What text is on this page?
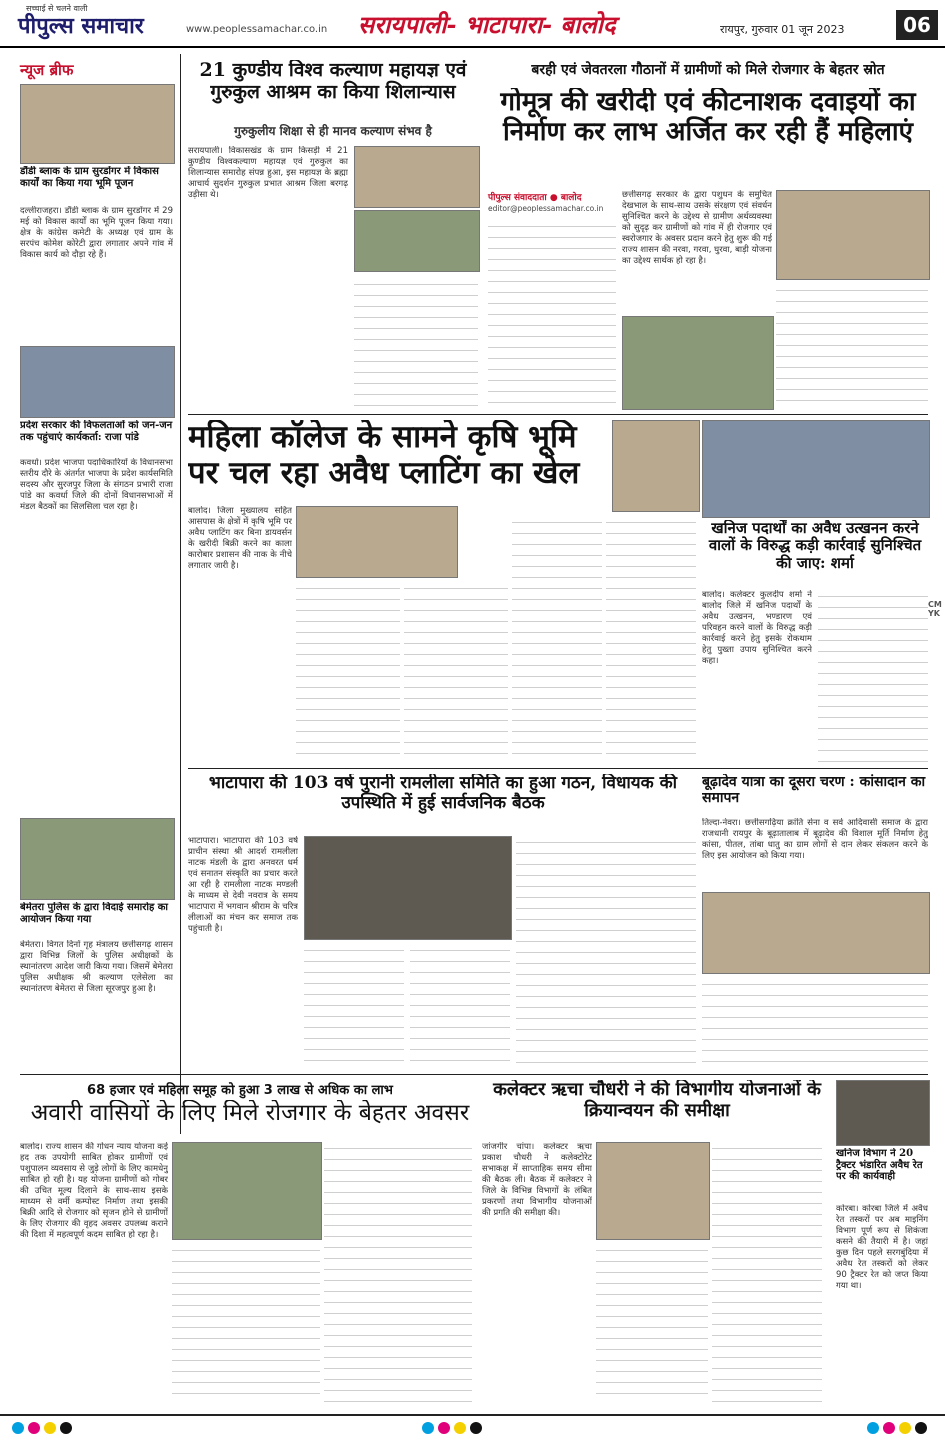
सच्चाई से चलने वाली
पीपुल्स समाचार	www.peoplessamachar.co.in सरायपाली- भाटापारा- बालोद	रायपुर, गुरुवार 01 जून 2023	06
न्यूज ब्रीफ
डौंडी ब्लाक के ग्राम सुरडोंगर में विकास कार्यों का किया गया भूमि पूजन
दल्लीराजहरा। डौंडी ब्लाक के ग्राम सुरडोंगर में 29 मई को विकास कार्यों का भूमि पूजन किया गया। क्षेत्र के कांग्रेस कमेटी के अध्यक्ष एवं ग्राम के सरपंच कोमेश कोरेटी द्वारा लगातार अपने गांव में विकास कार्य को दौड़ा रहे हैं।
प्रदेश सरकार की विफलताओं को जन-जन तक पहुंचाएं कार्यकर्ता: राजा पांडे
कवर्धा। प्रदेश भाजपा पदाधिकारियों के विधानसभा स्तरीय दौरे के अंतर्गत भाजपा के प्रदेश कार्यसमिति सदस्य और सुरजपुर जिला के संगठन प्रभारी राजा पांडे का कवर्धा जिले की दोनों विधानसभाओं में मंडल बैठकों का सिलसिला चल रहा है।
बेमेतरा पुलिस के द्वारा विदाई समारोह का आयोजन किया गया
बेमेतरा। विगत दिनों गृह मंत्रालय छत्तीसगढ़ शासन द्वारा विभिन्न जिलों के पुलिस अधीक्षकों के स्थानांतरण आदेश जारी किया गया। जिसमें बेमेतरा पुलिस अधीक्षक श्री कल्याण एलेसेला का स्थानांतरण बेमेतरा से जिला सूरजपुर हुआ है।
21 कुण्डीय विश्व कल्याण महायज्ञ एवं गुरुकुल आश्रम का किया शिलान्यास
गुरुकुलीय शिक्षा से ही मानव कल्याण संभव है
सरायपाली। विकासखंड के ग्राम किसड़ी में 21 कुण्डीय विश्वकल्याण महायज्ञ एवं गुरुकुल का शिलान्यास समारोह संपन्न हुआ, इस महायज्ञ के ब्रह्मा आचार्य सुदर्शन गुरुकुल प्रभात आश्रम जिला बरगढ़ उड़ीसा थे।
बरही एवं जेवतरला गौठानों में ग्रामीणों को मिले रोजगार के बेहतर स्रोत
गोमूत्र की खरीदी एवं कीटनाशक दवाइयों का निर्माण कर लाभ अर्जित कर रही हैं महिलाएं
पीपुल्स संवाददाता ● बालोद
editor@peoplessamachar.co.in
छत्तीसगढ़ सरकार के द्वारा पशुधन के समुचित देखभाल के साथ-साथ उसके संरक्षण एवं संवर्धन सुनिश्चित करने के उद्देश्य से ग्रामीण अर्थव्यवस्था को सुदृढ़ कर ग्रामीणों को गांव में ही रोजगार एवं स्वरोजगार के अवसर प्रदान करने हेतु शुरू की गई राज्य शासन की नरवा, गरवा, घुरवा, बाड़ी योजना का उद्देश्य सार्थक हो रहा है।
महिला कॉलेज के सामने कृषि भूमि पर चल रहा अवैध प्लाटिंग का खेल
बालोद। जिला मुख्यालय सहित आसपास के क्षेत्रों में कृषि भूमि पर अवैध प्लाटिंग कर बिना डायवर्सन के खरीदी बिक्री करने का काला कारोबार प्रशासन की नाक के नीचे लगातार जारी है।
खनिज पदार्थों का अवैध उत्खनन करने वालों के विरुद्ध कड़ी कार्रवाई सुनिश्चित की जाए: शर्मा
बालोद। कलेक्टर कुलदीप शर्मा ने बालोद जिले में खनिज पदार्थों के अवैध उत्खनन, भण्डारण एवं परिवहन करने वालों के विरुद्ध कड़ी कार्रवाई करने हेतु इसके रोकथाम हेतु पुख्ता उपाय सुनिश्चित करने कहा।
भाटापारा की 103 वर्ष पुरानी रामलीला समिति का हुआ गठन, विधायक की उपस्थिति में हुई सार्वजनिक बैठक
भाटापारा। भाटापारा की 103 वर्ष प्राचीन संस्था श्री आदर्श रामलीला नाटक मंडली के द्वारा अनवरत धर्म एवं सनातन संस्कृति का प्रचार करते आ रही है रामलीला नाटक मण्डली के माध्यम से देवी नवरात्र के समय भाटापारा में भगवान श्रीराम के चरित्र लीलाओं का मंचन कर समाज तक पहुंचाती है।
बूढ़ादेव यात्रा का दूसरा चरण : कांसादान का समापन
तिल्दा-नेवरा। छत्तीसगढ़िया क्रांति सेना व सर्व आदिवासी समाज के द्वारा राजधानी रायपुर के बूढ़ातालाब में बूढ़ादेव की विशाल मूर्ति निर्माण हेतु कांसा, पीतल, तांबा धातु का ग्राम लोगों से दान लेकर संकलन करने के लिए इस आयोजन को किया गया।
68 हजार एवं महिला समूह को हुआ 3 लाख से अधिक का लाभ
अवारी वासियों के लिए मिले रोजगार के बेहतर अवसर
बालोद। राज्य शासन की गोधन न्याय योजना कई हद तक उपयोगी साबित होकर ग्रामीणों एवं पशुपालन व्यवसाय से जुड़े लोगों के लिए कामधेनु साबित हो रही है। यह योजना ग्रामीणों को गोबर की उचित मूल्य दिलाने के साथ-साथ इसके माध्यम से वर्मी कम्पोस्ट निर्माण तथा इसकी बिक्री आदि से रोजगार को सृजन होने से ग्रामीणों के लिए रोजगार की वृहद अवसर उपलब्ध कराने की दिशा में महत्वपूर्ण कदम साबित हो रहा है।
कलेक्टर ऋचा चौधरी ने की विभागीय योजनाओं के क्रियान्वयन की समीक्षा
जांजगीर चांपा। कलेक्टर ऋचा प्रकाश चौधरी ने कलेक्टोरेट सभाकक्ष में साप्ताहिक समय सीमा की बैठक ली। बैठक में कलेक्टर ने जिले के विभिन्न विभागों के लंबित प्रकरणों तथा विभागीय योजनाओं की प्रगति की समीक्षा की।
खनिज विभाग ने 20 ट्रैक्टर भंडारित अवैध रेत पर की कार्यवाही
कोरबा। कोरबा जिले में अवैध रेत तस्करों पर अब माइनिंग विभाग पूर्ण रूप से शिकंजा कसने की तैयारी में है। जहां कुछ दिन पहले सरगबुंदिया में अवैध रेत तस्करों को लेकर 90 ट्रैक्टर रेत को जप्त किया गया था।
CMYK
